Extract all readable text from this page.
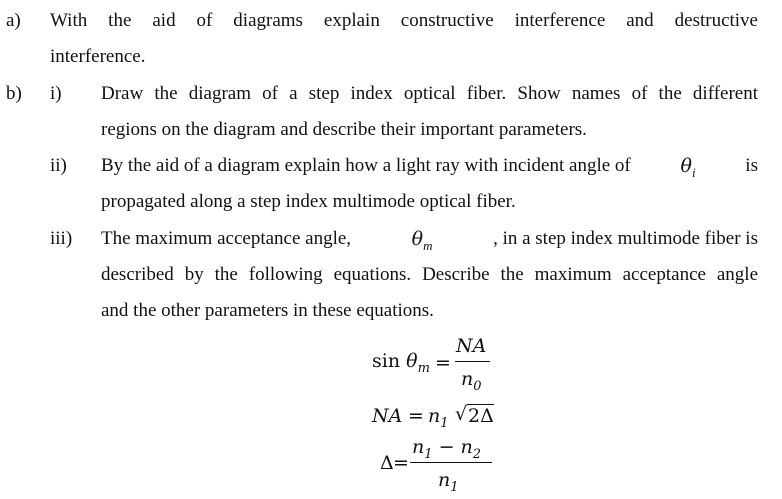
a) With the aid of diagrams explain constructive interference and destructive
interference.
b) i) Draw the diagram of a step index optical fiber. Show names of the different
regions on the diagram and describe their important parameters.
ii) By the aid of a diagram explain how a light ray with incident angle of	$\theta_i$	is
propagated along a step index multimode optical fiber.
iii) The maximum acceptance angle,	$\theta_m$	, in a step index multimode fiber is
described by the following equations. Describe the maximum acceptance angle
and the other parameters in these equations.
$\sin \theta_m$ =
NA
$n_0$
NA = $n_1$ √ 2Δ
Δ =
$n_1 - n_2$
$n_1$
